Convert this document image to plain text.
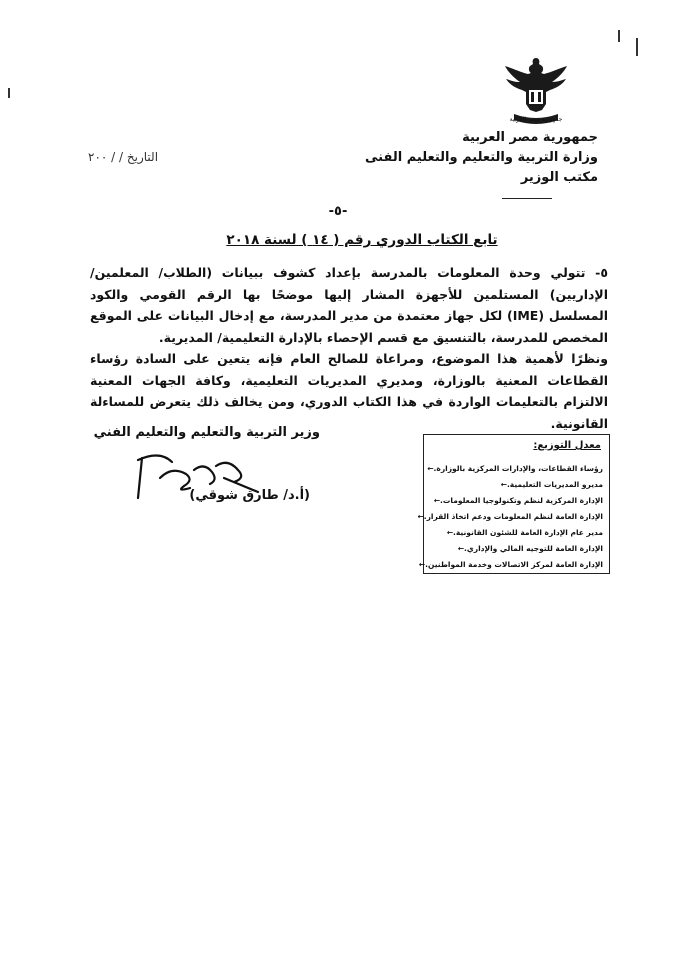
جمهورية مصر العربية
جمهورية مصر العربية
وزارة التربية والتعليم والتعليم الفنى
مكتب الوزير
التاريخ / / ٢٠٠
-٥-
تابع الكتاب الدوري رقم ( ١٤ ) لسنة ٢٠١٨

٥- تتولي وحدة المعلومات بالمدرسة بإعداد كشوف ببيانات (الطلاب/ المعلمين/ الإداريين) المستلمين للأجهزة المشار إليها موضحًا بها الرقم القومي والكود المسلسل (IME) لكل جهاز معتمدة من مدير المدرسة، مع إدخال البيانات على الموقع المخصص للمدرسة، بالتنسيق مع قسم الإحصاء بالإدارة التعليمية/ المديرية.

ونظرًا لأهمية هذا الموضوع، ومراعاة للصالح العام فإنه يتعين على السادة رؤساء القطاعات المعنية بالوزارة، ومديري المديريات التعليمية، وكافة الجهات المعنية الالتزام بالتعليمات الواردة في هذا الكتاب الدوري، ومن يخالف ذلك يتعرض للمساءلة القانونية.

وزير التربية والتعليم والتعليم الفني
(أ.د/ طارق شوقي)
معدل التوزيع:
رؤساء القطاعات، والإدارات المركزية بالوزارة.←
مديرو المديريات التعليمية.←
الإدارة المركزية لنظم وتكنولوجيا المعلومات.←
الإدارة العامة لنظم المعلومات ودعم اتخاذ القرار.←
مدير عام الإدارة العامة للشئون القانونية.←
الإدارة العامة للتوجيه المالي والإداري.←
الإدارة العامة لمركز الاتصالات وخدمة المواطنين.←
